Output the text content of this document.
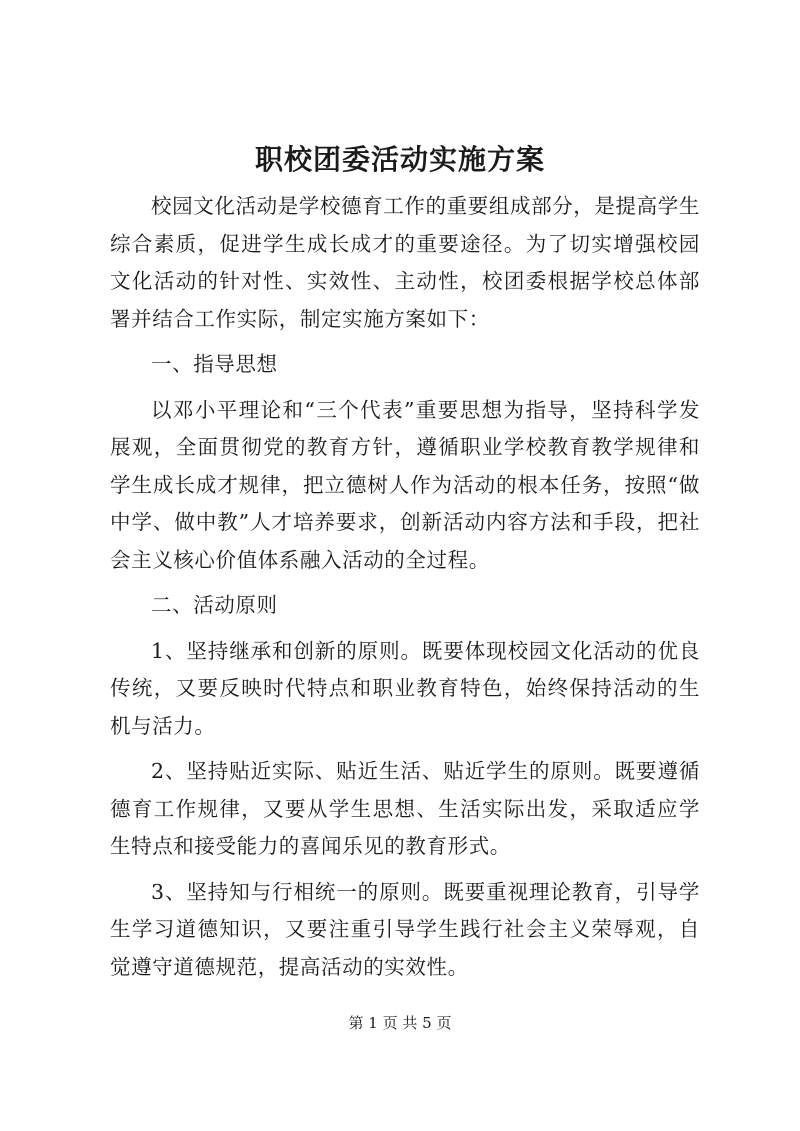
职校团委活动实施方案

校园文化活动是学校德育工作的重要组成部分，是提高学生综合素质，促进学生成长成才的重要途径。为了切实增强校园文化活动的针对性、实效性、主动性，校团委根据学校总体部署并结合工作实际，制定实施方案如下：

一、指导思想

以邓小平理论和“三个代表”重要思想为指导，坚持科学发展观，全面贯彻党的教育方针，遵循职业学校教育教学规律和学生成长成才规律，把立德树人作为活动的根本任务，按照“做中学、做中教”人才培养要求，创新活动内容方法和手段，把社会主义核心价值体系融入活动的全过程。

二、活动原则

1、坚持继承和创新的原则。既要体现校园文化活动的优良传统，又要反映时代特点和职业教育特色，始终保持活动的生机与活力。

2、坚持贴近实际、贴近生活、贴近学生的原则。既要遵循德育工作规律，又要从学生思想、生活实际出发，采取适应学生特点和接受能力的喜闻乐见的教育形式。

3、坚持知与行相统一的原则。既要重视理论教育，引导学生学习道德知识，又要注重引导学生践行社会主义荣辱观，自觉遵守道德规范，提高活动的实效性。

第 1 页 共 5 页
